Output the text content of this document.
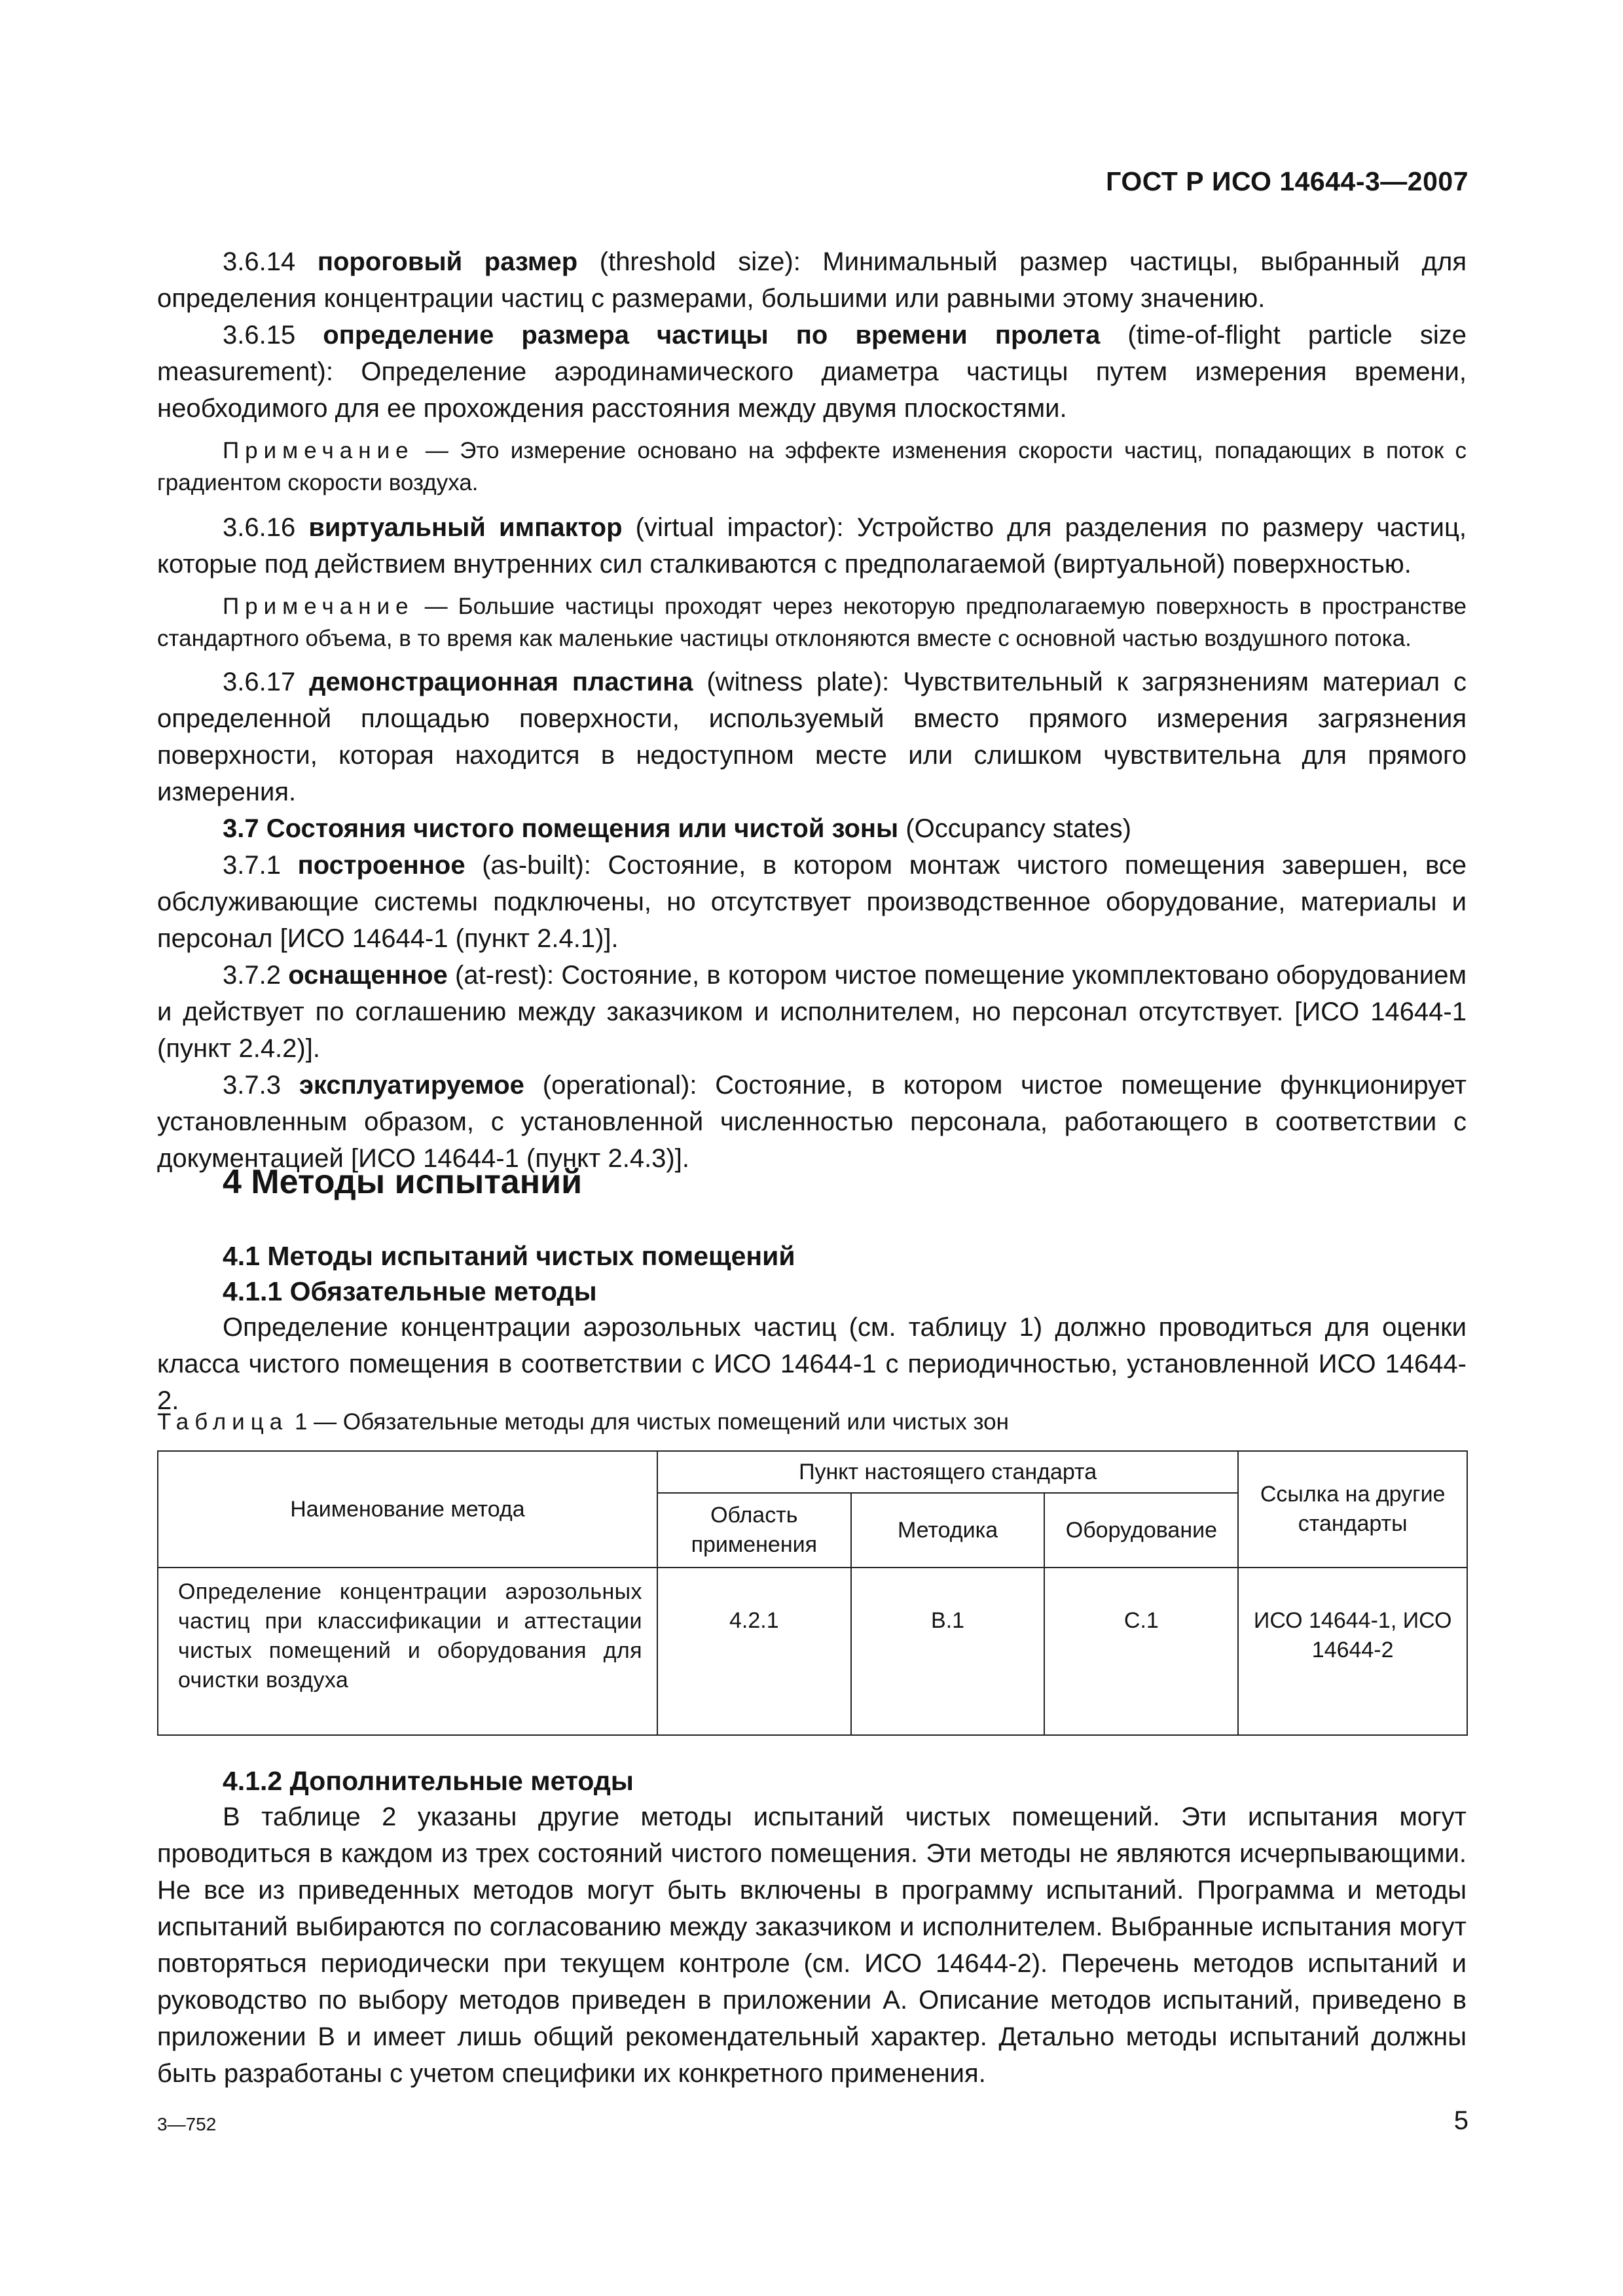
ГОСТ Р ИСО 14644-3—2007

3.6.14 пороговый размер (threshold size): Минимальный размер частицы, выбранный для определения концентрации частиц с размерами, большими или равными этому значению.

3.6.15 определение размера частицы по времени пролета (time-of-flight particle size measurement): Определение аэродинамического диаметра частицы путем измерения времени, необходимого для ее прохождения расстояния между двумя плоскостями.

Примечание — Это измерение основано на эффекте изменения скорости частиц, попадающих в поток с градиентом скорости воздуха.

3.6.16 виртуальный импактор (virtual impactor): Устройство для разделения по размеру частиц, которые под действием внутренних сил сталкиваются с предполагаемой (виртуальной) поверхностью.

Примечание — Большие частицы проходят через некоторую предполагаемую поверхность в пространстве стандартного объема, в то время как маленькие частицы отклоняются вместе с основной частью воздушного потока.

3.6.17 демонстрационная пластина (witness plate): Чувствительный к загрязнениям материал с определенной площадью поверхности, используемый вместо прямого измерения загрязнения поверхности, которая находится в недоступном месте или слишком чувствительна для прямого измерения.

3.7 Состояния чистого помещения или чистой зоны (Occupancy states)

3.7.1 построенное (as-built): Состояние, в котором монтаж чистого помещения завершен, все обслуживающие системы подключены, но отсутствует производственное оборудование, материалы и персонал [ИСО 14644-1 (пункт 2.4.1)].

3.7.2 оснащенное (at-rest): Состояние, в котором чистое помещение укомплектовано оборудованием и действует по соглашению между заказчиком и исполнителем, но персонал отсутствует. [ИСО 14644-1 (пункт 2.4.2)].

3.7.3 эксплуатируемое (operational): Состояние, в котором чистое помещение функционирует установленным образом, с установленной численностью персонала, работающего в соответствии с документацией [ИСО 14644-1 (пункт 2.4.3)].

4 Методы испытаний

4.1 Методы испытаний чистых помещений

4.1.1 Обязательные методы

Определение концентрации аэрозольных частиц (см. таблицу 1) должно проводиться для оценки класса чистого помещения в соответствии с ИСО 14644-1 с периодичностью, установленной ИСО 14644-2.

Таблица 1 — Обязательные методы для чистых помещений или чистых зон

Наименование метода	Пункт настоящего стандарта			Ссылка на другие стандарты
	Область применения	Методика	Оборудование	
Определение концентрации аэрозольных частиц при классификации и аттестации чистых помещений и оборудования для очистки воздуха	4.2.1	В.1	С.1	ИСО 14644-1, ИСО 14644-2

4.1.2 Дополнительные методы

В таблице 2 указаны другие методы испытаний чистых помещений. Эти испытания могут проводиться в каждом из трех состояний чистого помещения. Эти методы не являются исчерпывающими. Не все из приведенных методов могут быть включены в программу испытаний. Программа и методы испытаний выбираются по согласованию между заказчиком и исполнителем. Выбранные испытания могут повторяться периодически при текущем контроле (см. ИСО 14644-2). Перечень методов испытаний и руководство по выбору методов приведен в приложении А. Описание методов испытаний, приведено в приложении В и имеет лишь общий рекомендательный характер. Детально методы испытаний должны быть разработаны с учетом специфики их конкретного применения.

3—752	5
